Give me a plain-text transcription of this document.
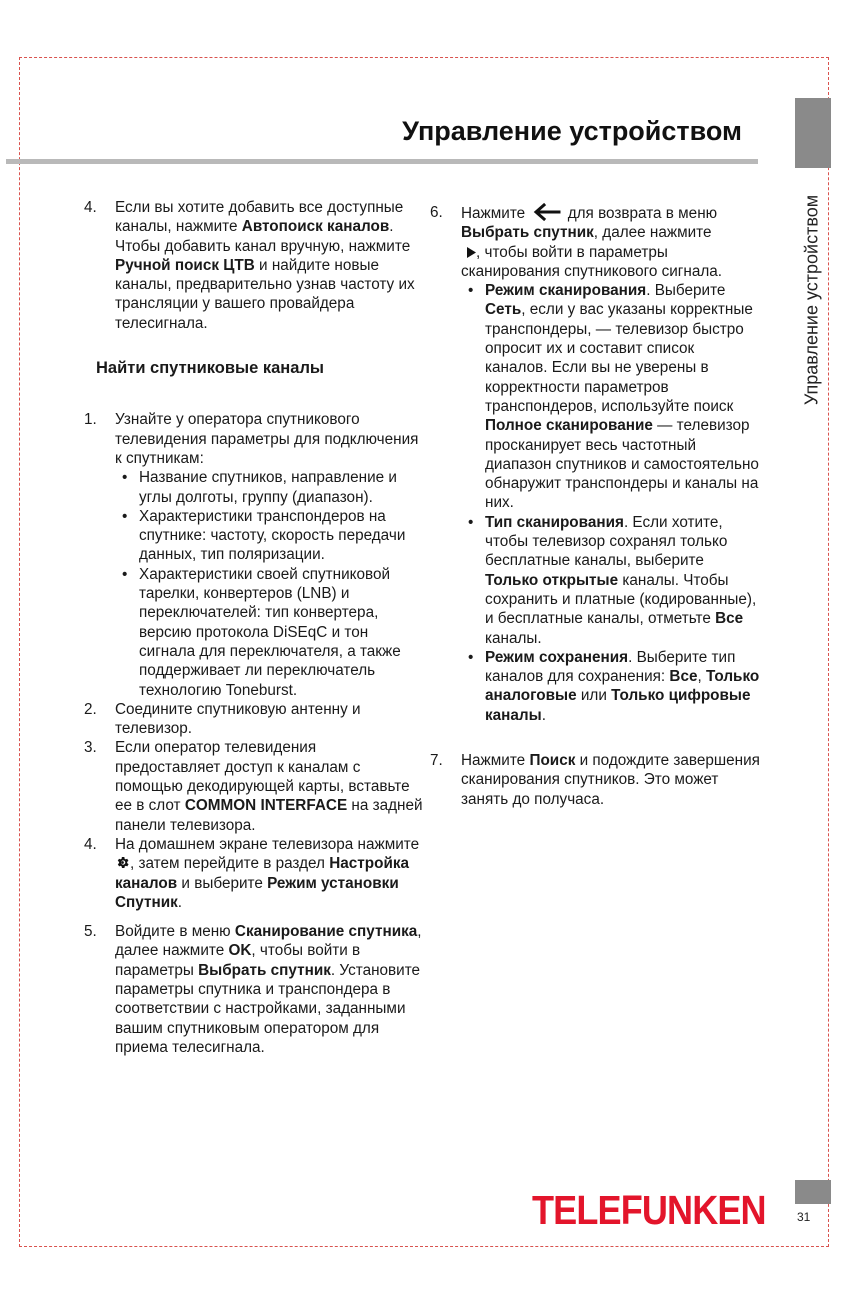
Управление устройством
Управление устройством
4. Если вы хотите добавить все доступные каналы, нажмите Автопоиск каналов. Чтобы добавить канал вручную, нажмите Ручной поиск ЦТВ и найдите новые каналы, предварительно узнав частоту их трансляции у вашего провайдера телесигнала.
Найти спутниковые каналы
1. Узнайте у оператора спутникового телевидения параметры для подключения к спутникам:
• Название спутников, направление и углы долготы, группу (диапазон).
• Характеристики транспондеров на спутнике: частоту, скорость передачи данных, тип поляризации.
• Характеристики своей спутниковой тарелки, конвертеров (LNB) и переключателей: тип конвертера, версию протокола DiSEqC и тон сигнала для переключателя, а также поддерживает ли переключатель технологию Toneburst.
2. Соедините спутниковую антенну и телевизор.
3. Если оператор телевидения предоставляет доступ к каналам с помощью декодирующей карты, вставьте ее в слот COMMON INTERFACE на задней панели телевизора.
4. На домашнем экране телевизора нажмите , затем перейдите в раздел Настройка каналов и выберите Режим установки Спутник.
5. Войдите в меню Сканирование спутника, далее нажмите OK, чтобы войти в параметры Выбрать спутник. Установите параметры спутника и транспондера в соответствии с настройками, заданными вашим спутниковым оператором для приема телесигнала.
6. Нажмите  для возврата в меню Выбрать спутник, далее нажмите
, чтобы войти в параметры сканирования спутникового сигнала.
• Режим сканирования. Выберите Сеть, если у вас указаны корректные транспондеры, — телевизор быстро опросит их и составит список каналов. Если вы не уверены в корректности параметров транспондеров, используйте поиск Полное сканирование — телевизор просканирует весь частотный диапазон спутников и самостоятельно обнаружит транспондеры и каналы на них.
• Тип сканирования. Если хотите, чтобы телевизор сохранял только бесплатные каналы, выберите Только открытые каналы. Чтобы сохранить и платные (кодированные), и бесплатные каналы, отметьте Все каналы.
• Режим сохранения. Выберите тип каналов для сохранения: Все, Только аналоговые или Только цифровые каналы.
7. Нажмите Поиск и подождите завершения сканирования спутников. Это может занять до получаса.
TELEFUNKEN	31
